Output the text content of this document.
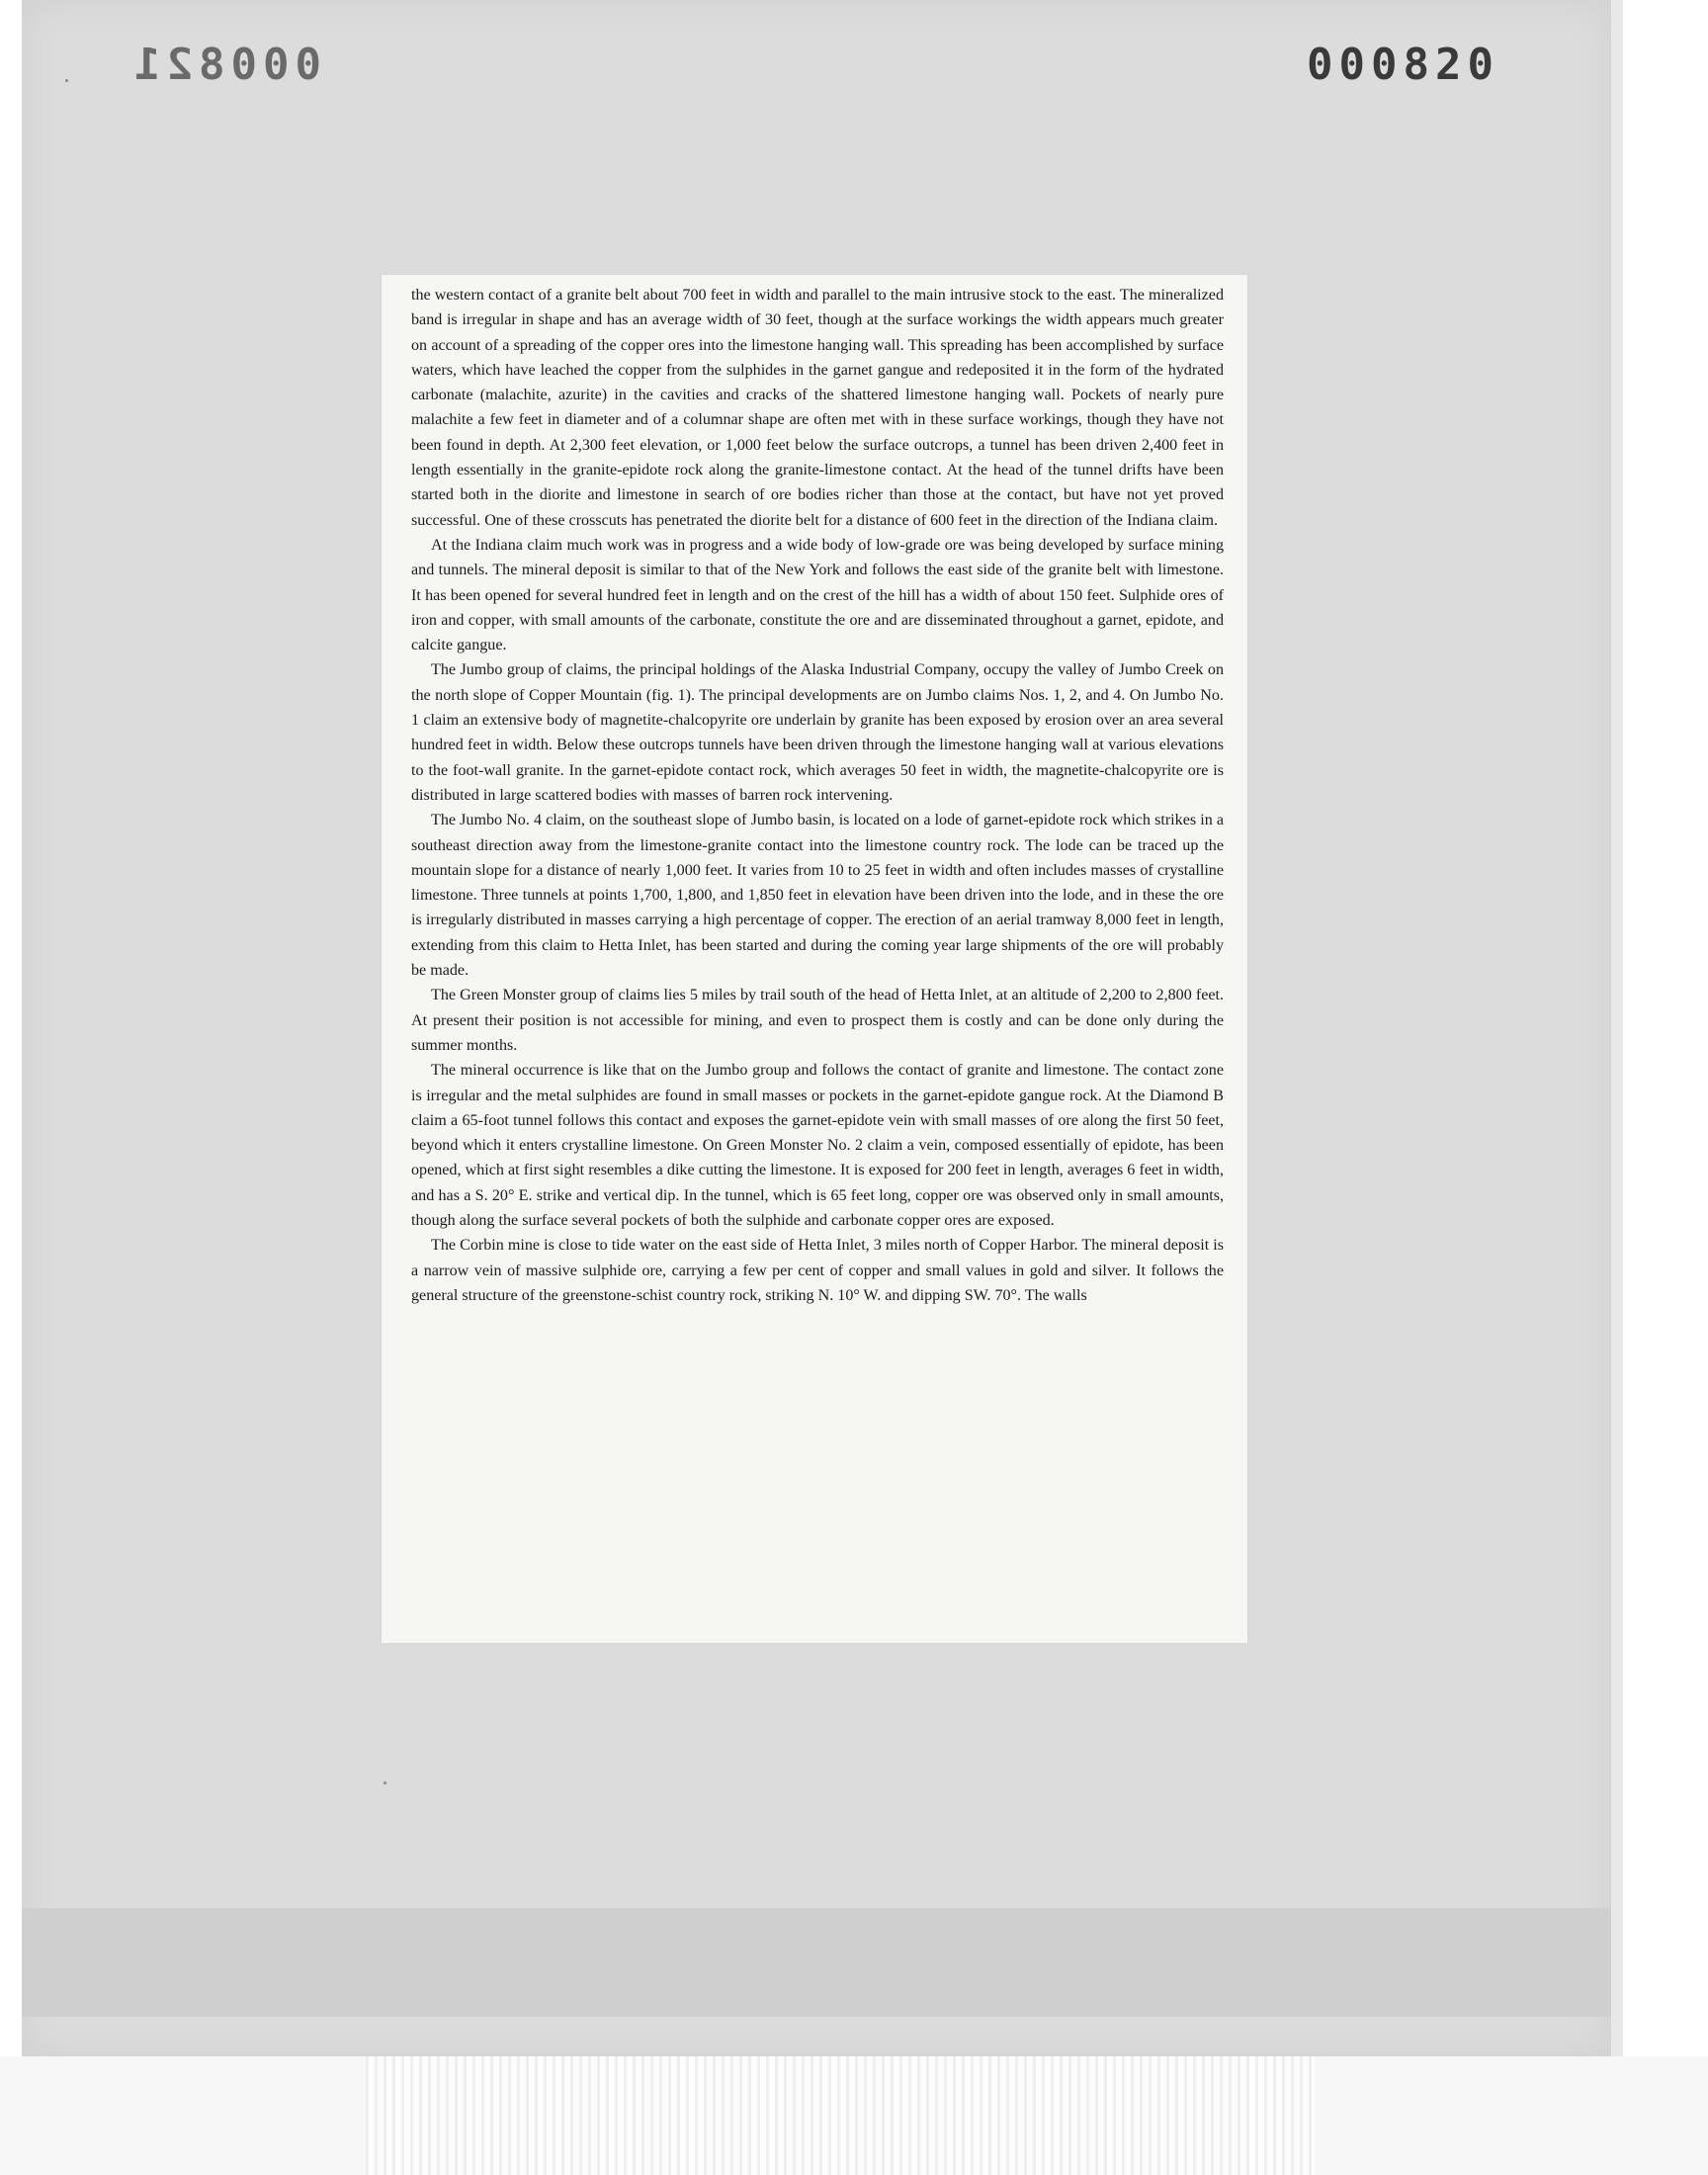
000821	000820

the western contact of a granite belt about 700 feet in width and parallel to the main intrusive stock to the east. The mineralized band is irregular in shape and has an average width of 30 feet, though at the surface workings the width appears much greater on account of a spreading of the copper ores into the limestone hanging wall. This spreading has been accomplished by surface waters, which have leached the copper from the sulphides in the garnet gangue and redeposited it in the form of the hydrated carbonate (malachite, azurite) in the cavities and cracks of the shattered limestone hanging wall. Pockets of nearly pure malachite a few feet in diameter and of a columnar shape are often met with in these surface workings, though they have not been found in depth. At 2,300 feet elevation, or 1,000 feet below the surface outcrops, a tunnel has been driven 2,400 feet in length essentially in the granite-epidote rock along the granite-limestone contact. At the head of the tunnel drifts have been started both in the diorite and limestone in search of ore bodies richer than those at the contact, but have not yet proved successful. One of these crosscuts has penetrated the diorite belt for a distance of 600 feet in the direction of the Indiana claim.

At the Indiana claim much work was in progress and a wide body of low-grade ore was being developed by surface mining and tunnels. The mineral deposit is similar to that of the New York and follows the east side of the granite belt with limestone. It has been opened for several hundred feet in length and on the crest of the hill has a width of about 150 feet. Sulphide ores of iron and copper, with small amounts of the carbonate, constitute the ore and are disseminated throughout a garnet, epidote, and calcite gangue.

The Jumbo group of claims, the principal holdings of the Alaska Industrial Company, occupy the valley of Jumbo Creek on the north slope of Copper Mountain (fig. 1). The principal developments are on Jumbo claims Nos. 1, 2, and 4. On Jumbo No. 1 claim an extensive body of magnetite-chalcopyrite ore underlain by granite has been exposed by erosion over an area several hundred feet in width. Below these outcrops tunnels have been driven through the limestone hanging wall at various elevations to the foot-wall granite. In the garnet-epidote contact rock, which averages 50 feet in width, the magnetite-chalcopyrite ore is distributed in large scattered bodies with masses of barren rock intervening.

The Jumbo No. 4 claim, on the southeast slope of Jumbo basin, is located on a lode of garnet-epidote rock which strikes in a southeast direction away from the limestone-granite contact into the limestone country rock. The lode can be traced up the mountain slope for a distance of nearly 1,000 feet. It varies from 10 to 25 feet in width and often includes masses of crystalline limestone. Three tunnels at points 1,700, 1,800, and 1,850 feet in elevation have been driven into the lode, and in these the ore is irregularly distributed in masses carrying a high percentage of copper. The erection of an aerial tramway 8,000 feet in length, extending from this claim to Hetta Inlet, has been started and during the coming year large shipments of the ore will probably be made.

The Green Monster group of claims lies 5 miles by trail south of the head of Hetta Inlet, at an altitude of 2,200 to 2,800 feet. At present their position is not accessible for mining, and even to prospect them is costly and can be done only during the summer months.

The mineral occurrence is like that on the Jumbo group and follows the contact of granite and limestone. The contact zone is irregular and the metal sulphides are found in small masses or pockets in the garnet-epidote gangue rock. At the Diamond B claim a 65-foot tunnel follows this contact and exposes the garnet-epidote vein with small masses of ore along the first 50 feet, beyond which it enters crystalline limestone. On Green Monster No. 2 claim a vein, composed essentially of epidote, has been opened, which at first sight resembles a dike cutting the limestone. It is exposed for 200 feet in length, averages 6 feet in width, and has a S. 20° E. strike and vertical dip. In the tunnel, which is 65 feet long, copper ore was observed only in small amounts, though along the surface several pockets of both the sulphide and carbonate copper ores are exposed.

The Corbin mine is close to tide water on the east side of Hetta Inlet, 3 miles north of Copper Harbor. The mineral deposit is a narrow vein of massive sulphide ore, carrying a few per cent of copper and small values in gold and silver. It follows the general structure of the greenstone-schist country rock, striking N. 10° W. and dipping SW. 70°. The walls
